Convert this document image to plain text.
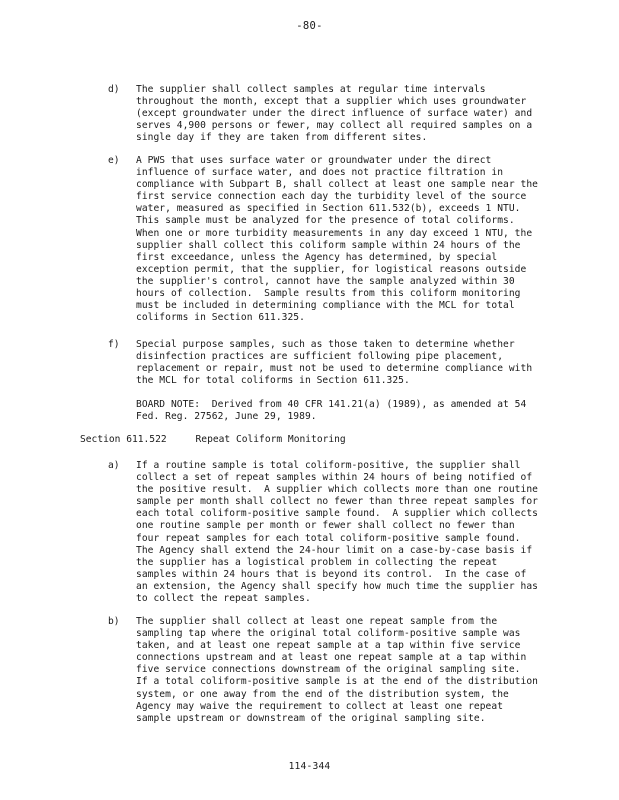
-80-
d) The supplier shall collect samples at regular time intervals
throughout the month, except that a supplier which uses groundwater
(except groundwater under the direct influence of surface water) and
serves 4,900 persons or fewer, may collect all required samples on a
single day if they are taken from different sites.
e) A PWS that uses surface water or groundwater under the direct
influence of surface water, and does not practice filtration in
compliance with Subpart B, shall collect at least one sample near the
first service connection each day the turbidity level of the source
water, measured as specified in Section 611.532(b), exceeds 1 NTU.
This sample must be analyzed for the presence of total coliforms.
When one or more turbidity measurements in any day exceed 1 NTU, the
supplier shall collect this coliform sample within 24 hours of the
first exceedance, unless the Agency has determined, by special
exception permit, that the supplier, for logistical reasons outside
the supplier's control, cannot have the sample analyzed within 30
hours of collection.  Sample results from this coliform monitoring
must be included in determining compliance with the MCL for total
coliforms in Section 611.325.
f) Special purpose samples, such as those taken to determine whether
disinfection practices are sufficient following pipe placement,
replacement or repair, must not be used to determine compliance with
the MCL for total coliforms in Section 611.325.
BOARD NOTE:  Derived from 40 CFR 141.21(a) (1989), as amended at 54
Fed. Reg. 27562, June 29, 1989.
Section 611.522     Repeat Coliform Monitoring
a) If a routine sample is total coliform-positive, the supplier shall
collect a set of repeat samples within 24 hours of being notified of
the positive result.  A supplier which collects more than one routine
sample per month shall collect no fewer than three repeat samples for
each total coliform-positive sample found.  A supplier which collects
one routine sample per month or fewer shall collect no fewer than
four repeat samples for each total coliform-positive sample found.
The Agency shall extend the 24-hour limit on a case-by-case basis if
the supplier has a logistical problem in collecting the repeat
samples within 24 hours that is beyond its control.  In the case of
an extension, the Agency shall specify how much time the supplier has
to collect the repeat samples.
b) The supplier shall collect at least one repeat sample from the
sampling tap where the original total coliform-positive sample was
taken, and at least one repeat sample at a tap within five service
connections upstream and at least one repeat sample at a tap within
five service connections downstream of the original sampling site.
If a total coliform-positive sample is at the end of the distribution
system, or one away from the end of the distribution system, the
Agency may waive the requirement to collect at least one repeat
sample upstream or downstream of the original sampling site.
114-344
